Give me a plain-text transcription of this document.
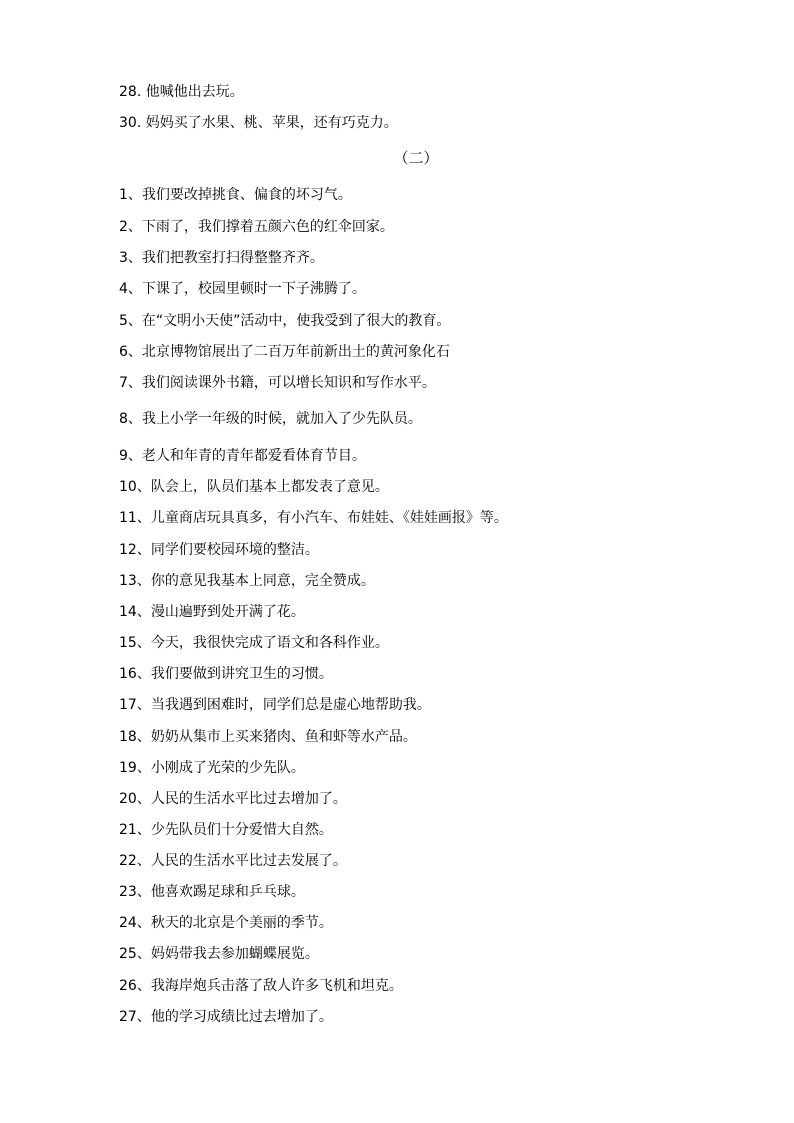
28. 他喊他出去玩。
30. 妈妈买了水果、桃、苹果，还有巧克力。
（二）
1、我们要改掉挑食、偏食的坏习气。
2、下雨了，我们撑着五颜六色的红伞回家。
3、我们把教室打扫得整整齐齐。
4、下课了，校园里顿时一下子沸腾了。
5、在“文明小天使”活动中，使我受到了很大的教育。
6、北京博物馆展出了二百万年前新出土的黄河象化石
7、我们阅读课外书籍，可以增长知识和写作水平。
8、我上小学一年级的时候，就加入了少先队员。
9、老人和年青的青年都爱看体育节目。
10、队会上，队员们基本上都发表了意见。
11、儿童商店玩具真多，有小汽车、布娃娃、《娃娃画报》等。
12、同学们要校园环境的整洁。
13、你的意见我基本上同意，完全赞成。
14、漫山遍野到处开满了花。
15、今天，我很快完成了语文和各科作业。
16、我们要做到讲究卫生的习惯。
17、当我遇到困难时，同学们总是虚心地帮助我。
18、奶奶从集市上买来猪肉、鱼和虾等水产品。
19、小刚成了光荣的少先队。
20、人民的生活水平比过去增加了。
21、少先队员们十分爱惜大自然。
22、人民的生活水平比过去发展了。
23、他喜欢踢足球和乒乓球。
24、秋天的北京是个美丽的季节。
25、妈妈带我去参加蝴蝶展览。
26、我海岸炮兵击落了敌人许多飞机和坦克。
27、他的学习成绩比过去增加了。
